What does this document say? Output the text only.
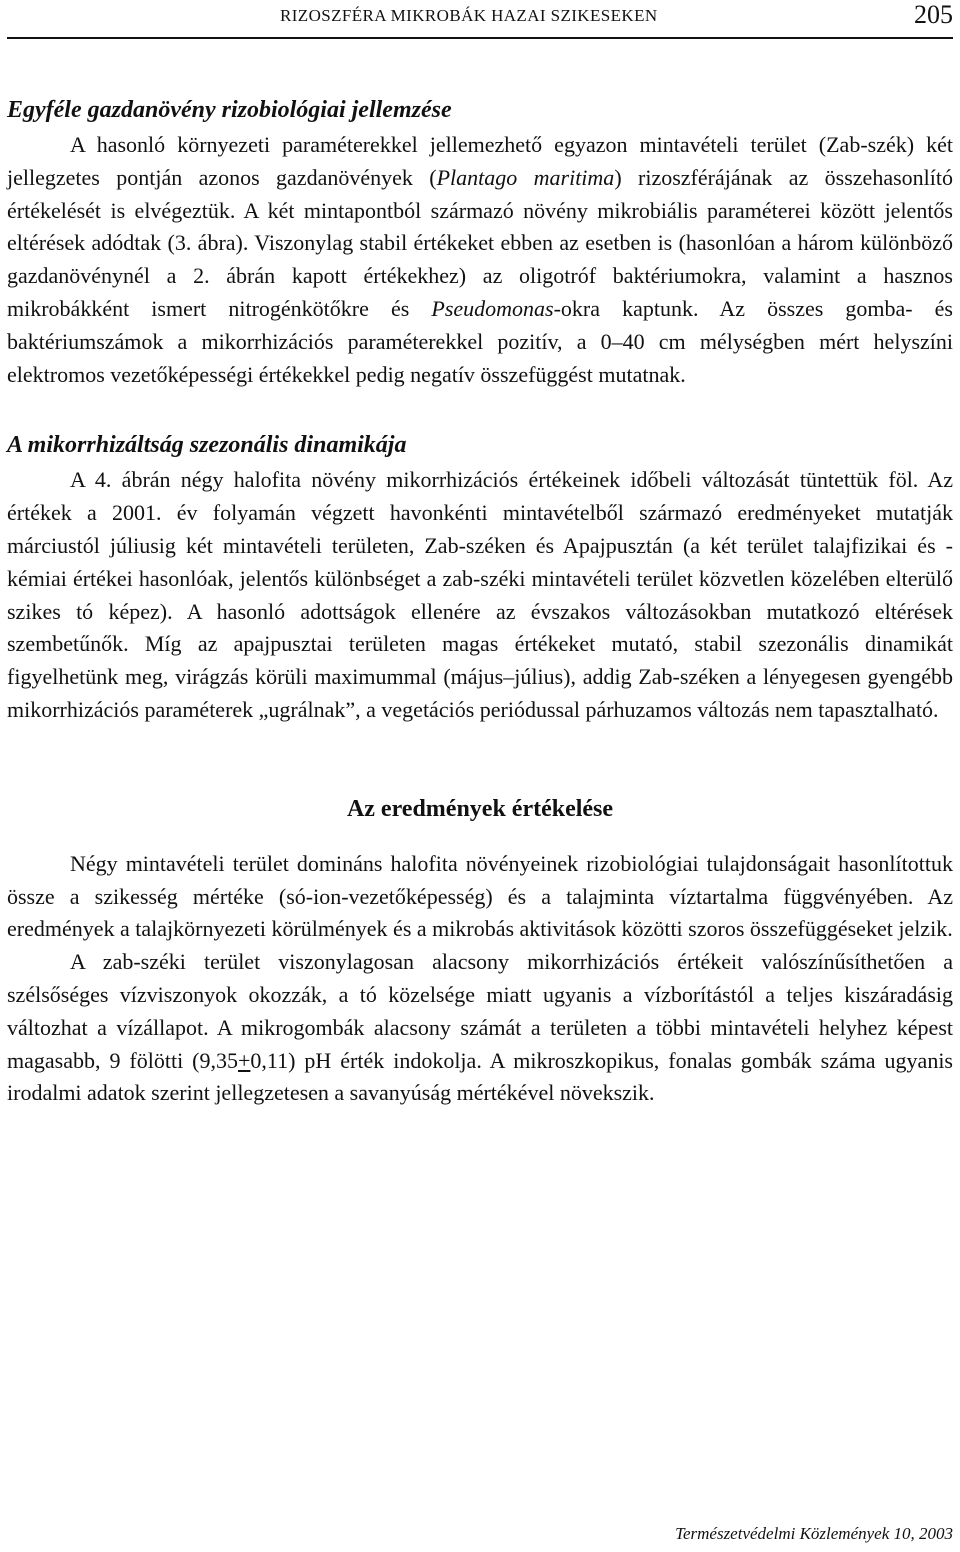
RIZOSZFÉRA MIKROBÁK HAZAI SZIKESEKEN	205
Egyféle gazdanövény rizobiológiai jellemzése

A hasonló környezeti paraméterekkel jellemezhető egyazon mintavételi terület (Zab-szék) két jellegzetes pontján azonos gazdanövények (Plantago maritima) rizoszférájának az összehasonlító értékelését is elvégeztük. A két mintapontból származó növény mikrobiális paraméterei között jelentős eltérések adódtak (3. ábra). Viszonylag stabil értékeket ebben az esetben is (hasonlóan a három különböző gazdanövénynél a 2. ábrán kapott értékekhez) az oligotróf baktériumokra, valamint a hasznos mikrobákként ismert nitrogénkötőkre és Pseudomonas-okra kaptunk. Az összes gomba- és baktériumszámok a mikorrhizációs paraméterekkel pozitív, a 0–40 cm mélységben mért helyszíni elektromos vezetőképességi értékekkel pedig negatív összefüggést mutatnak.

A mikorrhizáltság szezonális dinamikája

A 4. ábrán négy halofita növény mikorrhizációs értékeinek időbeli változását tüntettük föl. Az értékek a 2001. év folyamán végzett havonkénti mintavételből származó eredményeket mutatják márciustól júliusig két mintavételi területen, Zab-széken és Apajpusztán (a két terület talajfizikai és -kémiai értékei hasonlóak, jelentős különbséget a zab-széki mintavételi terület közvetlen közelében elterülő szikes tó képez). A hasonló adottságok ellenére az évszakos változásokban mutatkozó eltérések szembetűnők. Míg az apajpusztai területen magas értékeket mutató, stabil szezonális dinamikát figyelhetünk meg, virágzás körüli maximummal (május–július), addig Zab-széken a lényegesen gyengébb mikorrhizációs paraméterek „ugrálnak”, a vegetációs periódussal párhuzamos változás nem tapasztalható.

Az eredmények értékelése

Négy mintavételi terület domináns halofita növényeinek rizobiológiai tulajdonságait hasonlítottuk össze a szikesség mértéke (só-ion-vezetőképesség) és a talajminta víztartalma függvényében. Az eredmények a talajkörnyezeti körülmények és a mikrobás aktivitások közötti szoros összefüggéseket jelzik.

A zab-széki terület viszonylagosan alacsony mikorrhizációs értékeit valószínűsíthetően a szélsőséges vízviszonyok okozzák, a tó közelsége miatt ugyanis a vízborítástól a teljes kiszáradásig változhat a vízállapot. A mikrogombák alacsony számát a területen a többi mintavételi helyhez képest magasabb, 9 fölötti (9,35+0,11) pH érték indokolja. A mikroszkopikus, fonalas gombák száma ugyanis irodalmi adatok szerint jellegzetesen a savanyúság mértékével növekszik.

Természetvédelmi Közlemények 10, 2003
